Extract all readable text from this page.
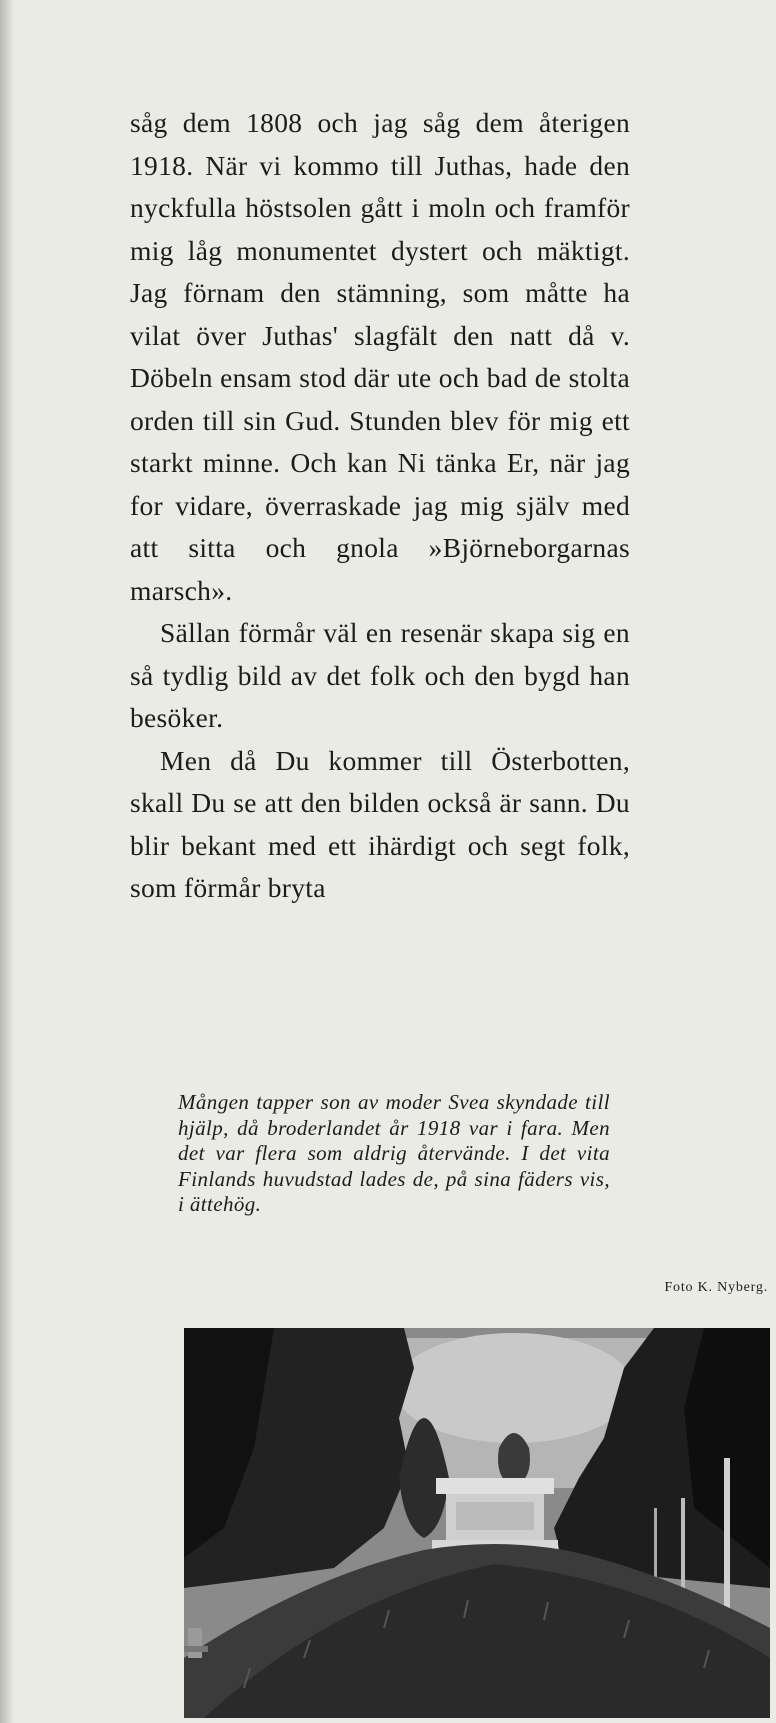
såg dem 1808 och jag såg dem återigen 1918. När vi kommo till Juthas, hade den nyckfulla höstsolen gått i moln och framför mig låg monumentet dystert och mäktigt. Jag förnam den stämning, som måtte ha vilat över Juthas' slagfält den natt då v. Döbeln ensam stod där ute och bad de stolta orden till sin Gud. Stunden blev för mig ett starkt minne. Och kan Ni tänka Er, när jag for vidare, överraskade jag mig själv med att sitta och gnola »Björneborgarnas marsch».

Sällan förmår väl en resenär skapa sig en så tydlig bild av det folk och den bygd han besöker.

Men då Du kommer till Österbotten, skall Du se att den bilden också är sann. Du blir bekant med ett ihärdigt och segt folk, som förmår bryta

Mången tapper son av moder Svea skyndade till hjälp, då broderlandet år 1918 var i fara. Men det var flera som aldrig återvände. I det vita Finlands huvudstad lades de, på sina fäders vis, i ättehög.

Foto K. Nyberg.
